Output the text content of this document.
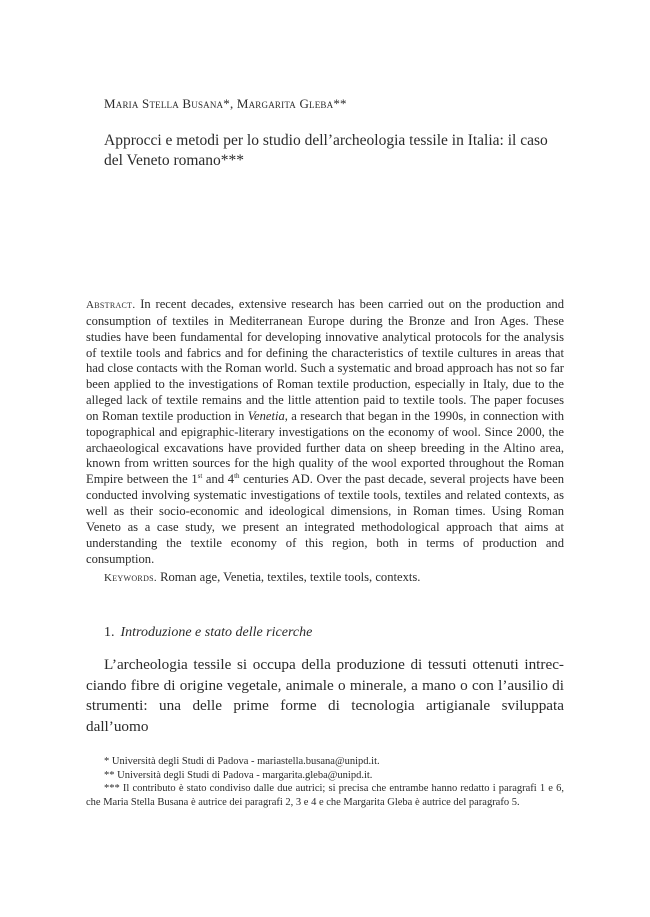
Maria Stella Busana*, Margarita Gleba**
Approcci e metodi per lo studio dell’archeologia tessile in Italia: il caso del Veneto romano***

Abstract. In recent decades, extensive research has been carried out on the production and consumption of textiles in Mediterranean Europe during the Bronze and Iron Ages. These studies have been fundamental for developing innovative analytical protocols for the analysis of textile tools and fabrics and for defining the characteristics of textile cultures in areas that had close contacts with the Roman world. Such a systematic and broad approach has not so far been applied to the investigations of Roman textile production, especially in Italy, due to the alleged lack of textile remains and the little attention paid to textile tools. The paper focuses on Roman textile production in Venetia, a research that began in the 1990s, in connection with topographical and epigraphic-literary investigations on the economy of wool. Since 2000, the archaeological excavations have provided further data on sheep breeding in the Altino area, known from written sources for the high quality of the wool exported throughout the Roman Empire between the 1st and 4th centuries AD. Over the past decade, several projects have been conducted involving systematic investigations of textile tools, textiles and related contexts, as well as their socio-economic and ideological dimensions, in Roman times. Using Roman Veneto as a case study, we present an integrated methodological approach that aims at understanding the textile economy of this region, both in terms of production and consumption.

Keywords. Roman age, Venetia, textiles, textile tools, contexts.

1. Introduzione e stato delle ricerche

L’archeologia tessile si occupa della produzione di tessuti ottenuti intrec-ciando fibre di origine vegetale, animale o minerale, a mano o con l’ausilio di strumenti: una delle prime forme di tecnologia artigianale sviluppata dall’uomo

* Università degli Studi di Padova - mariastella.busana@unipd.it.

** Università degli Studi di Padova - margarita.gleba@unipd.it.

*** Il contributo è stato condiviso dalle due autrici; si precisa che entrambe hanno redatto i paragrafi 1 e 6, che Maria Stella Busana è autrice dei paragrafi 2, 3 e 4 e che Margarita Gleba è autrice del paragrafo 5.
